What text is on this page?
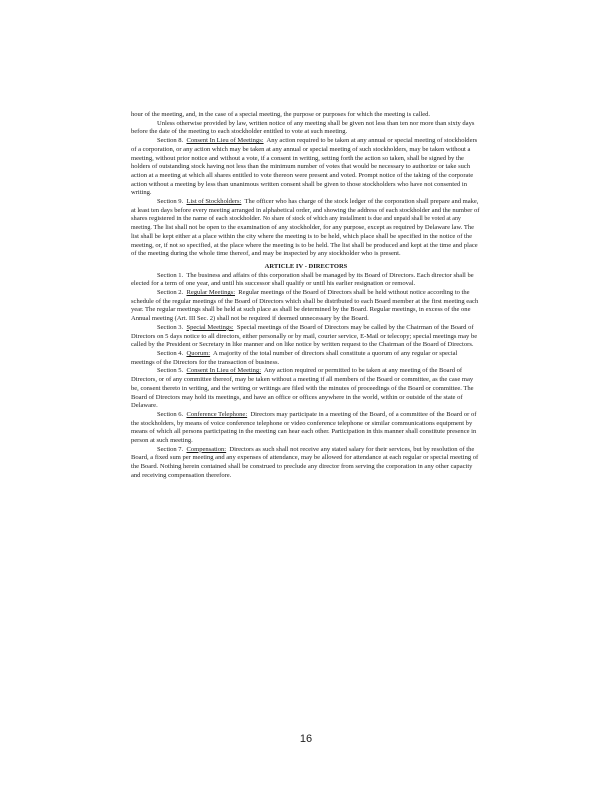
hour of the meeting, and, in the case of a special meeting, the purpose or purposes for which the meeting is called.

Unless otherwise provided by law, written notice of any meeting shall be given not less than ten nor more than sixty days before the date of the meeting to each stockholder entitled to vote at such meeting.

Section 8. Consent In Lieu of Meetings: Any action required to be taken at any annual or special meeting of stockholders of a corporation, or any action which may be taken at any annual or special meeting of such stockholders, may be taken without a meeting, without prior notice and without a vote, if a consent in writing, setting forth the action so taken, shall be signed by the holders of outstanding stock having not less than the minimum number of votes that would be necessary to authorize or take such action at a meeting at which all shares entitled to vote thereon were present and voted. Prompt notice of the taking of the corporate action without a meeting by less than unanimous written consent shall be given to those stockholders who have not consented in writing.

Section 9. List of Stockholders: The officer who has charge of the stock ledger of the corporation shall prepare and make, at least ten days before every meeting arranged in alphabetical order, and showing the address of each stockholder and the number of shares registered in the name of each stockholder. No share of stock of which any installment is due and unpaid shall be voted at any meeting. The list shall not be open to the examination of any stockholder, for any purpose, except as required by Delaware law. The list shall be kept either at a place within the city where the meeting is to be held, which place shall be specified in the notice of the meeting, or, if not so specified, at the place where the meeting is to be held. The list shall be produced and kept at the time and place of the meeting during the whole time thereof, and may be inspected by any stockholder who is present.

ARTICLE IV - DIRECTORS

Section 1. The business and affairs of this corporation shall be managed by its Board of Directors. Each director shall be elected for a term of one year, and until his successor shall qualify or until his earlier resignation or removal.

Section 2. Regular Meetings: Regular meetings of the Board of Directors shall be held without notice according to the schedule of the regular meetings of the Board of Directors which shall be distributed to each Board member at the first meeting each year. The regular meetings shall be held at such place as shall be determined by the Board. Regular meetings, in excess of the one Annual meeting (Art. III Sec. 2) shall not be required if deemed unnecessary by the Board.

Section 3. Special Meetings: Special meetings of the Board of Directors may be called by the Chairman of the Board of Directors on 5 days notice to all directors, either personally or by mail, courier service, E-Mail or telecopy; special meetings may be called by the President or Secretary in like manner and on like notice by written request to the Chairman of the Board of Directors.

Section 4. Quorum: A majority of the total number of directors shall constitute a quorum of any regular or special meetings of the Directors for the transaction of business.

Section 5. Consent In Lieu of Meeting: Any action required or permitted to be taken at any meeting of the Board of Directors, or of any committee thereof, may be taken without a meeting if all members of the Board or committee, as the case may be, consent thereto in writing, and the writing or writings are filed with the minutes of proceedings of the Board or committee. The Board of Directors may hold its meetings, and have an office or offices anywhere in the world, within or outside of the state of Delaware.

Section 6. Conference Telephone: Directors may participate in a meeting of the Board, of a committee of the Board or of the stockholders, by means of voice conference telephone or video conference telephone or similar communications equipment by means of which all persons participating in the meeting can hear each other. Participation in this manner shall constitute presence in person at such meeting.

Section 7. Compensation: Directors as such shall not receive any stated salary for their services, but by resolution of the Board, a fixed sum per meeting and any expenses of attendance, may be allowed for attendance at each regular or special meeting of the Board. Nothing herein contained shall be construed to preclude any director from serving the corporation in any other capacity and receiving compensation therefore.

16
